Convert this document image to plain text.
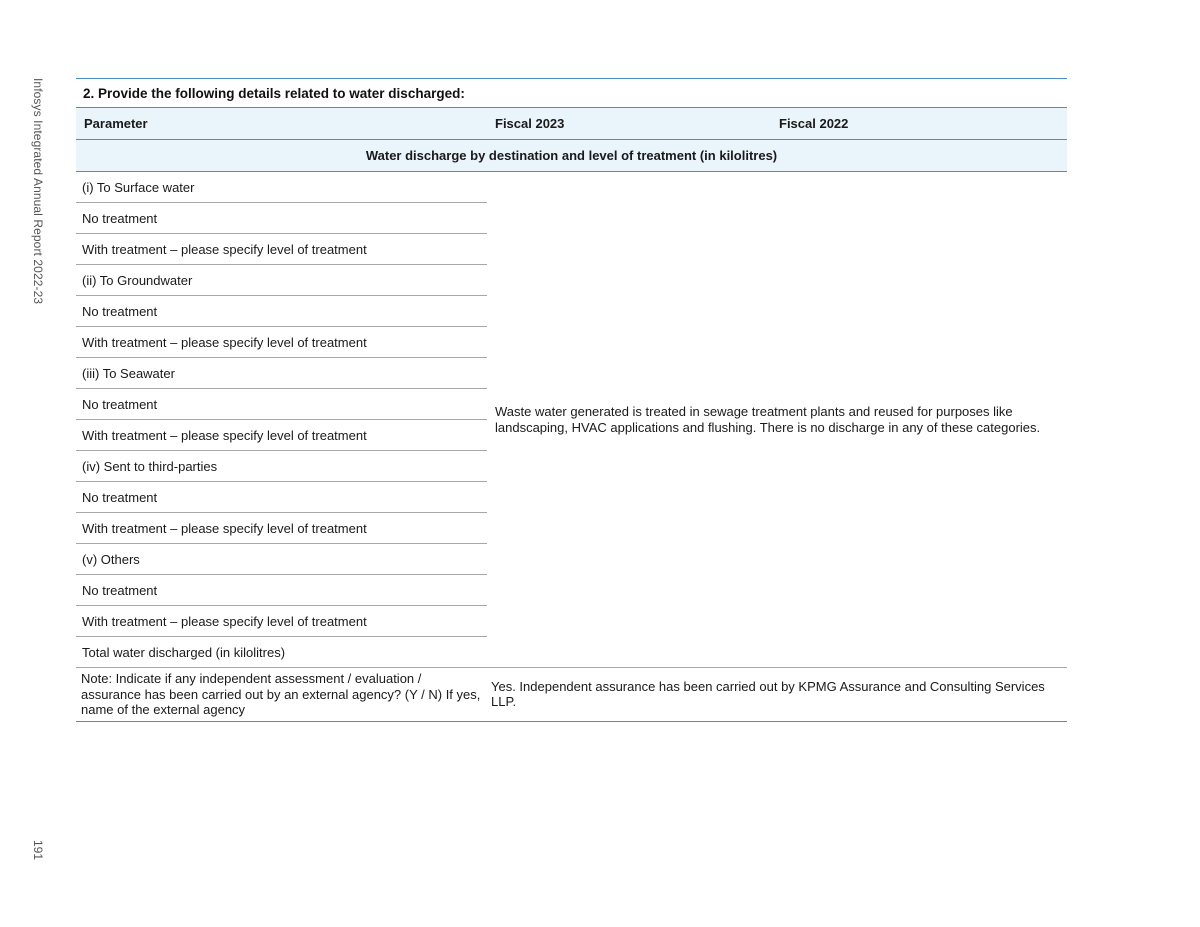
Infosys Integrated Annual Report 2022-23
191
2. Provide the following details related to water discharged:
Parameter	Fiscal 2023	Fiscal 2022
Water discharge by destination and level of treatment (in kilolitres)		
(i) To Surface water	Waste water generated is treated in sewage treatment plants and reused for purposes like landscaping, HVAC applications and flushing. There is no discharge in any of these categories.	
No treatment		
With treatment – please specify level of treatment		
(ii) To Groundwater		
No treatment		
With treatment – please specify level of treatment		
(iii) To Seawater		
No treatment		
With treatment – please specify level of treatment		
(iv) Sent to third-parties		
No treatment		
With treatment – please specify level of treatment		
(v) Others		
No treatment		
With treatment – please specify level of treatment		
Total water discharged (in kilolitres)		
Note: Indicate if any independent assessment / evaluation / assurance has been carried out by an external agency? (Y / N) If yes, name of the external agency	Yes. Independent assurance has been carried out by KPMG Assurance and Consulting Services LLP.	
